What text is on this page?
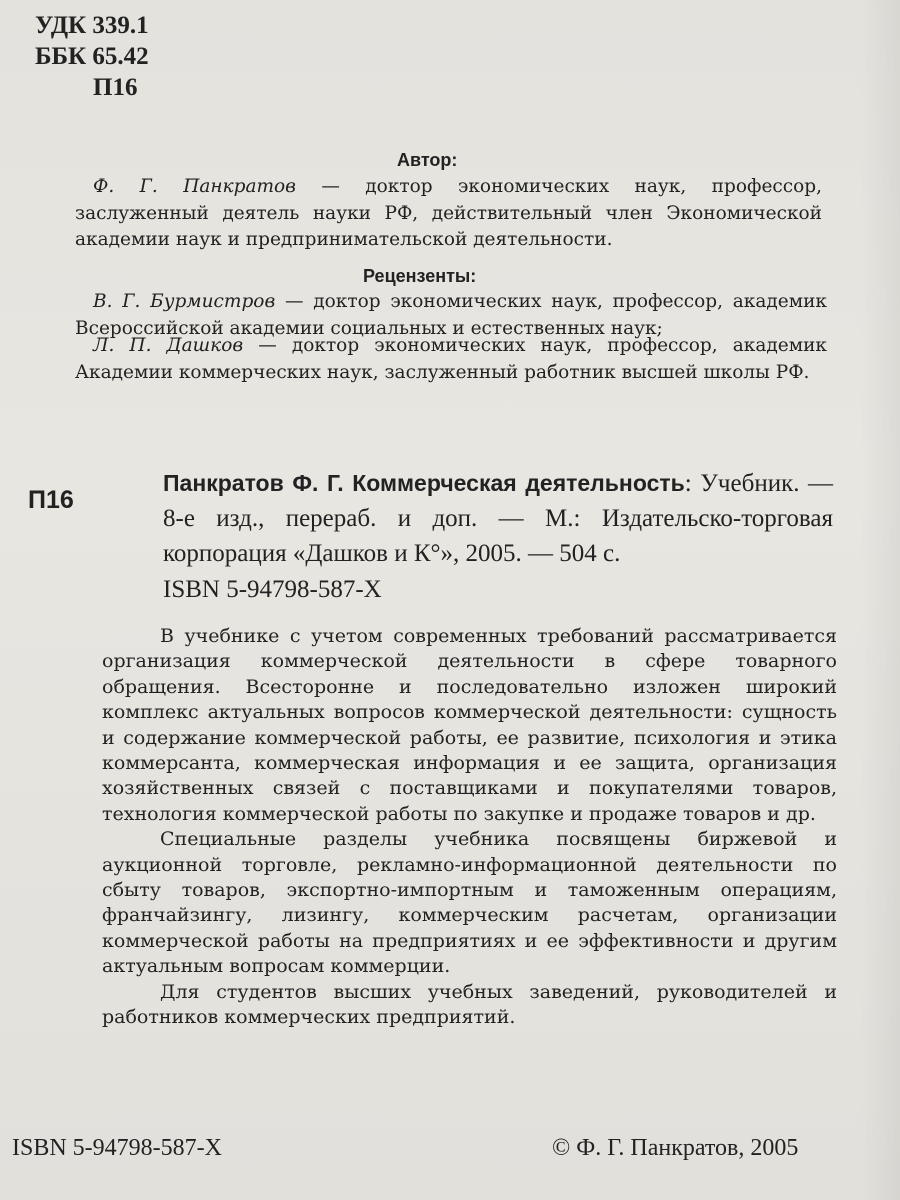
УДК 339.1
ББК 65.42
П16
Автор:
Ф. Г. Панкратов — доктор экономических наук, профессор, заслуженный деятель науки РФ, действительный член Экономической академии наук и предпринимательской деятельности.
Рецензенты:
В. Г. Бурмистров — доктор экономических наук, профессор, академик Всероссийской академии социальных и естественных наук;
Л. П. Дашков — доктор экономических наук, профессор, академик Академии коммерческих наук, заслуженный работник высшей школы РФ.
П16
Панкратов Ф. Г. Коммерческая деятельность: Учебник. — 8-е изд., перераб. и доп. — М.: Издательско-торговая корпорация «Дашков и К°», 2005. — 504 с.
ISBN 5-94798-587-X

В учебнике с учетом современных требований рассматривается организация коммерческой деятельности в сфере товарного обращения. Всесторонне и последовательно изложен широкий комплекс актуальных вопросов коммерческой деятельности: сущность и содержание коммерческой работы, ее развитие, психология и этика коммерсанта, коммерческая информация и ее защита, организация хозяйственных связей с поставщиками и покупателями товаров, технология коммерческой работы по закупке и продаже товаров и др.

Специальные разделы учебника посвящены биржевой и аукционной торговле, рекламно-информационной деятельности по сбыту товаров, экспортно-импортным и таможенным операциям, франчайзингу, лизингу, коммерческим расчетам, организации коммерческой работы на предприятиях и ее эффективности и другим актуальным вопросам коммерции.

Для студентов высших учебных заведений, руководителей и работников коммерческих предприятий.

ISBN 5-94798-587-X	© Ф. Г. Панкратов, 2005
